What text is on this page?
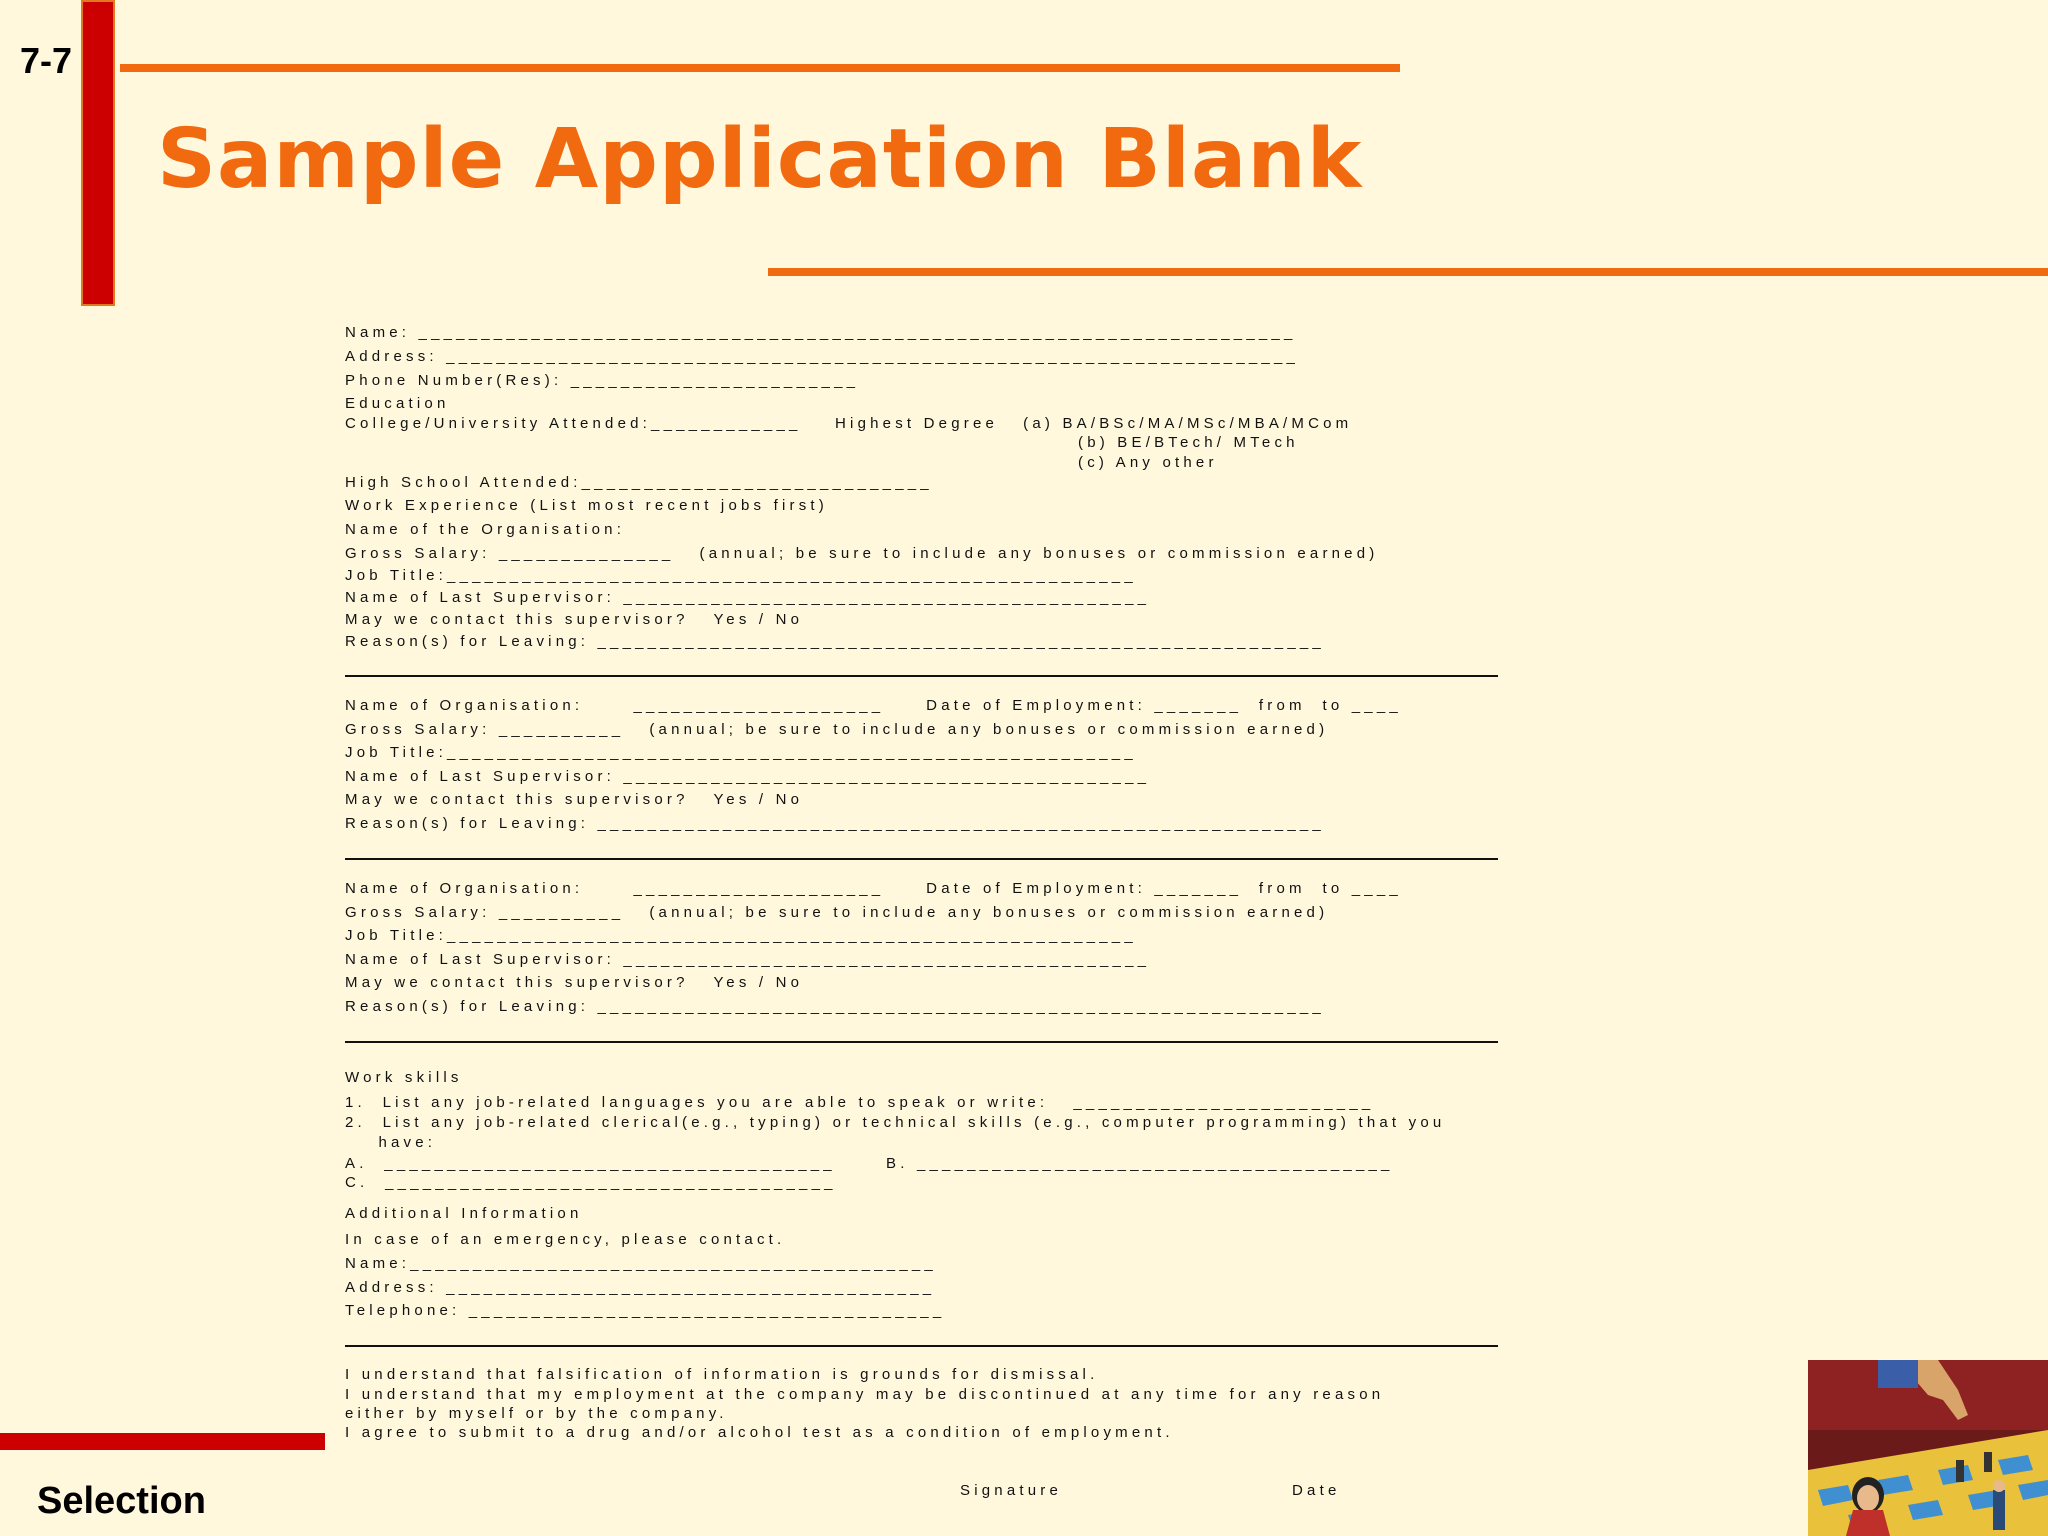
7-7
Sample Application Blank
Name: ______________________________________________________________________
Address: ____________________________________________________________________
Phone Number(Res): _______________________
Education
College/University Attended:____________    Highest Degree   (a) BA/BSc/MA/MSc/MBA/MCom
(b) BE/BTech/ MTech
(c) Any other
High School Attended:____________________________
Work Experience (List most recent jobs first)
Name of the Organisation:
Gross Salary: ______________   (annual; be sure to include any bonuses or commission earned)
Job Title:_______________________________________________________
Name of Last Supervisor: __________________________________________
May we contact this supervisor?   Yes / No
Reason(s) for Leaving: __________________________________________________________
Name of Organisation:      ____________________     Date of Employment: _______  from  to ____
Gross Salary: __________   (annual; be sure to include any bonuses or commission earned)
Job Title:_______________________________________________________
Name of Last Supervisor: __________________________________________
May we contact this supervisor?   Yes / No
Reason(s) for Leaving: __________________________________________________________
Name of Organisation:      ____________________     Date of Employment: _______  from  to ____
Gross Salary: __________   (annual; be sure to include any bonuses or commission earned)
Job Title:_______________________________________________________
Name of Last Supervisor: __________________________________________
May we contact this supervisor?   Yes / No
Reason(s) for Leaving: __________________________________________________________
Work skills
1.  List any job-related languages you are able to speak or write:   ________________________
2.  List any job-related clerical(e.g., typing) or technical skills (e.g., computer programming) that you
have:
A.  ____________________________________      B. ______________________________________
C.  ____________________________________
Additional Information
In case of an emergency, please contact.
Name:__________________________________________
Address: _______________________________________
Telephone: ______________________________________
I understand that falsification of information is grounds for dismissal.
I understand that my employment at the company may be discontinued at any time for any reason
either by myself or by the company.
I agree to submit to a drug and/or alcohol test as a condition of employment.
Signature	Date
Selection
